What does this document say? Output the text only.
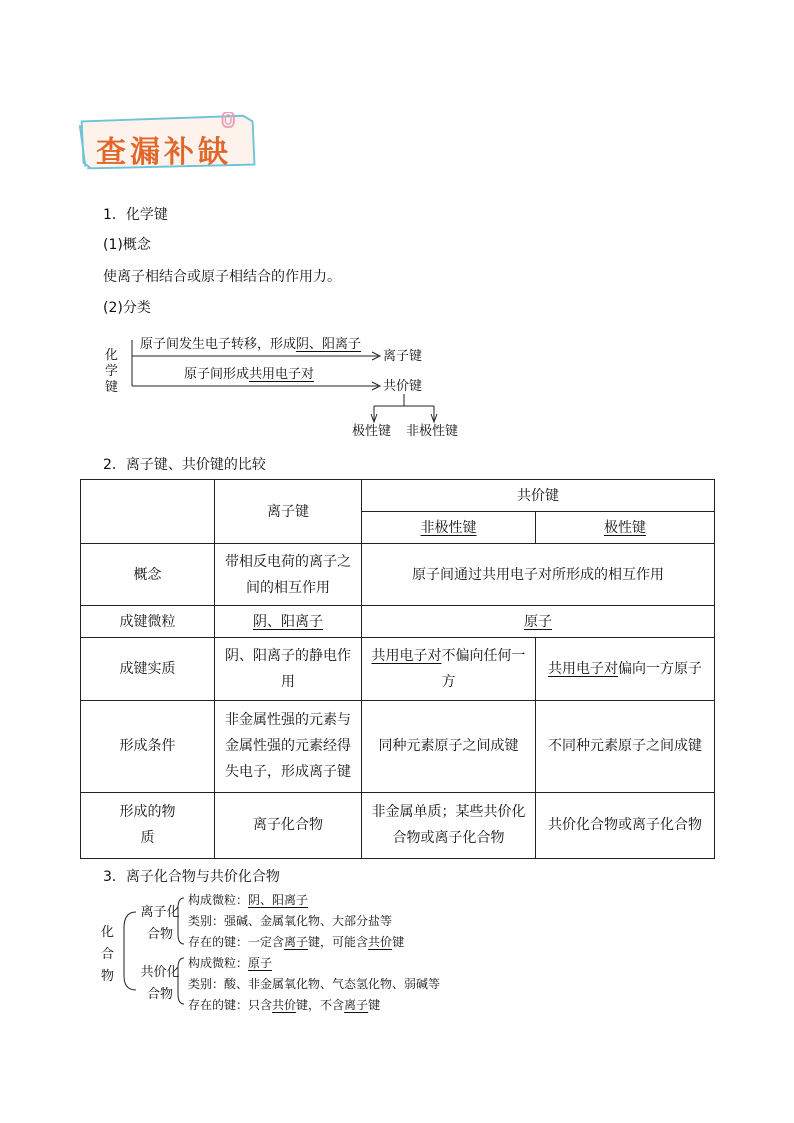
查漏补缺
1．化学键
(1)概念
使离子相结合或原子相结合的作用力。
(2)分类
化
学
键
原子间发生电子转移，形成阴、阳离子
离子键
原子间形成共用电子对
共价键
极性键 非极性键
2．离子键、共价键的比较
	离子键	共价键	
		非极性键	极性键
概念	带相反电荷的离子之间的相互作用	原子间通过共用电子对所形成的相互作用	
成键微粒	阴、阳离子	原子	
成键实质	阴、阳离子的静电作用	共用电子对不偏向任何一方	共用电子对偏向一方原子
形成条件	非金属性强的元素与金属性强的元素经得失电子，形成离子键	同种元素原子之间成键	不同种元素原子之间成键
形成的物质	离子化合物	非金属单质；某些共价化合物或离子化合物	共价化合物或离子化合物
3．离子化合物与共价化合物
化
合
物
离子化
合物
共价化
合物
构成微粒：阴、阳离子
类别：强碱、金属氧化物、大部分盐等
存在的键：一定含离子键，可能含共价键
构成微粒：原子
类别：酸、非金属氧化物、气态氢化物、弱碱等
存在的键：只含共价键，不含离子键
